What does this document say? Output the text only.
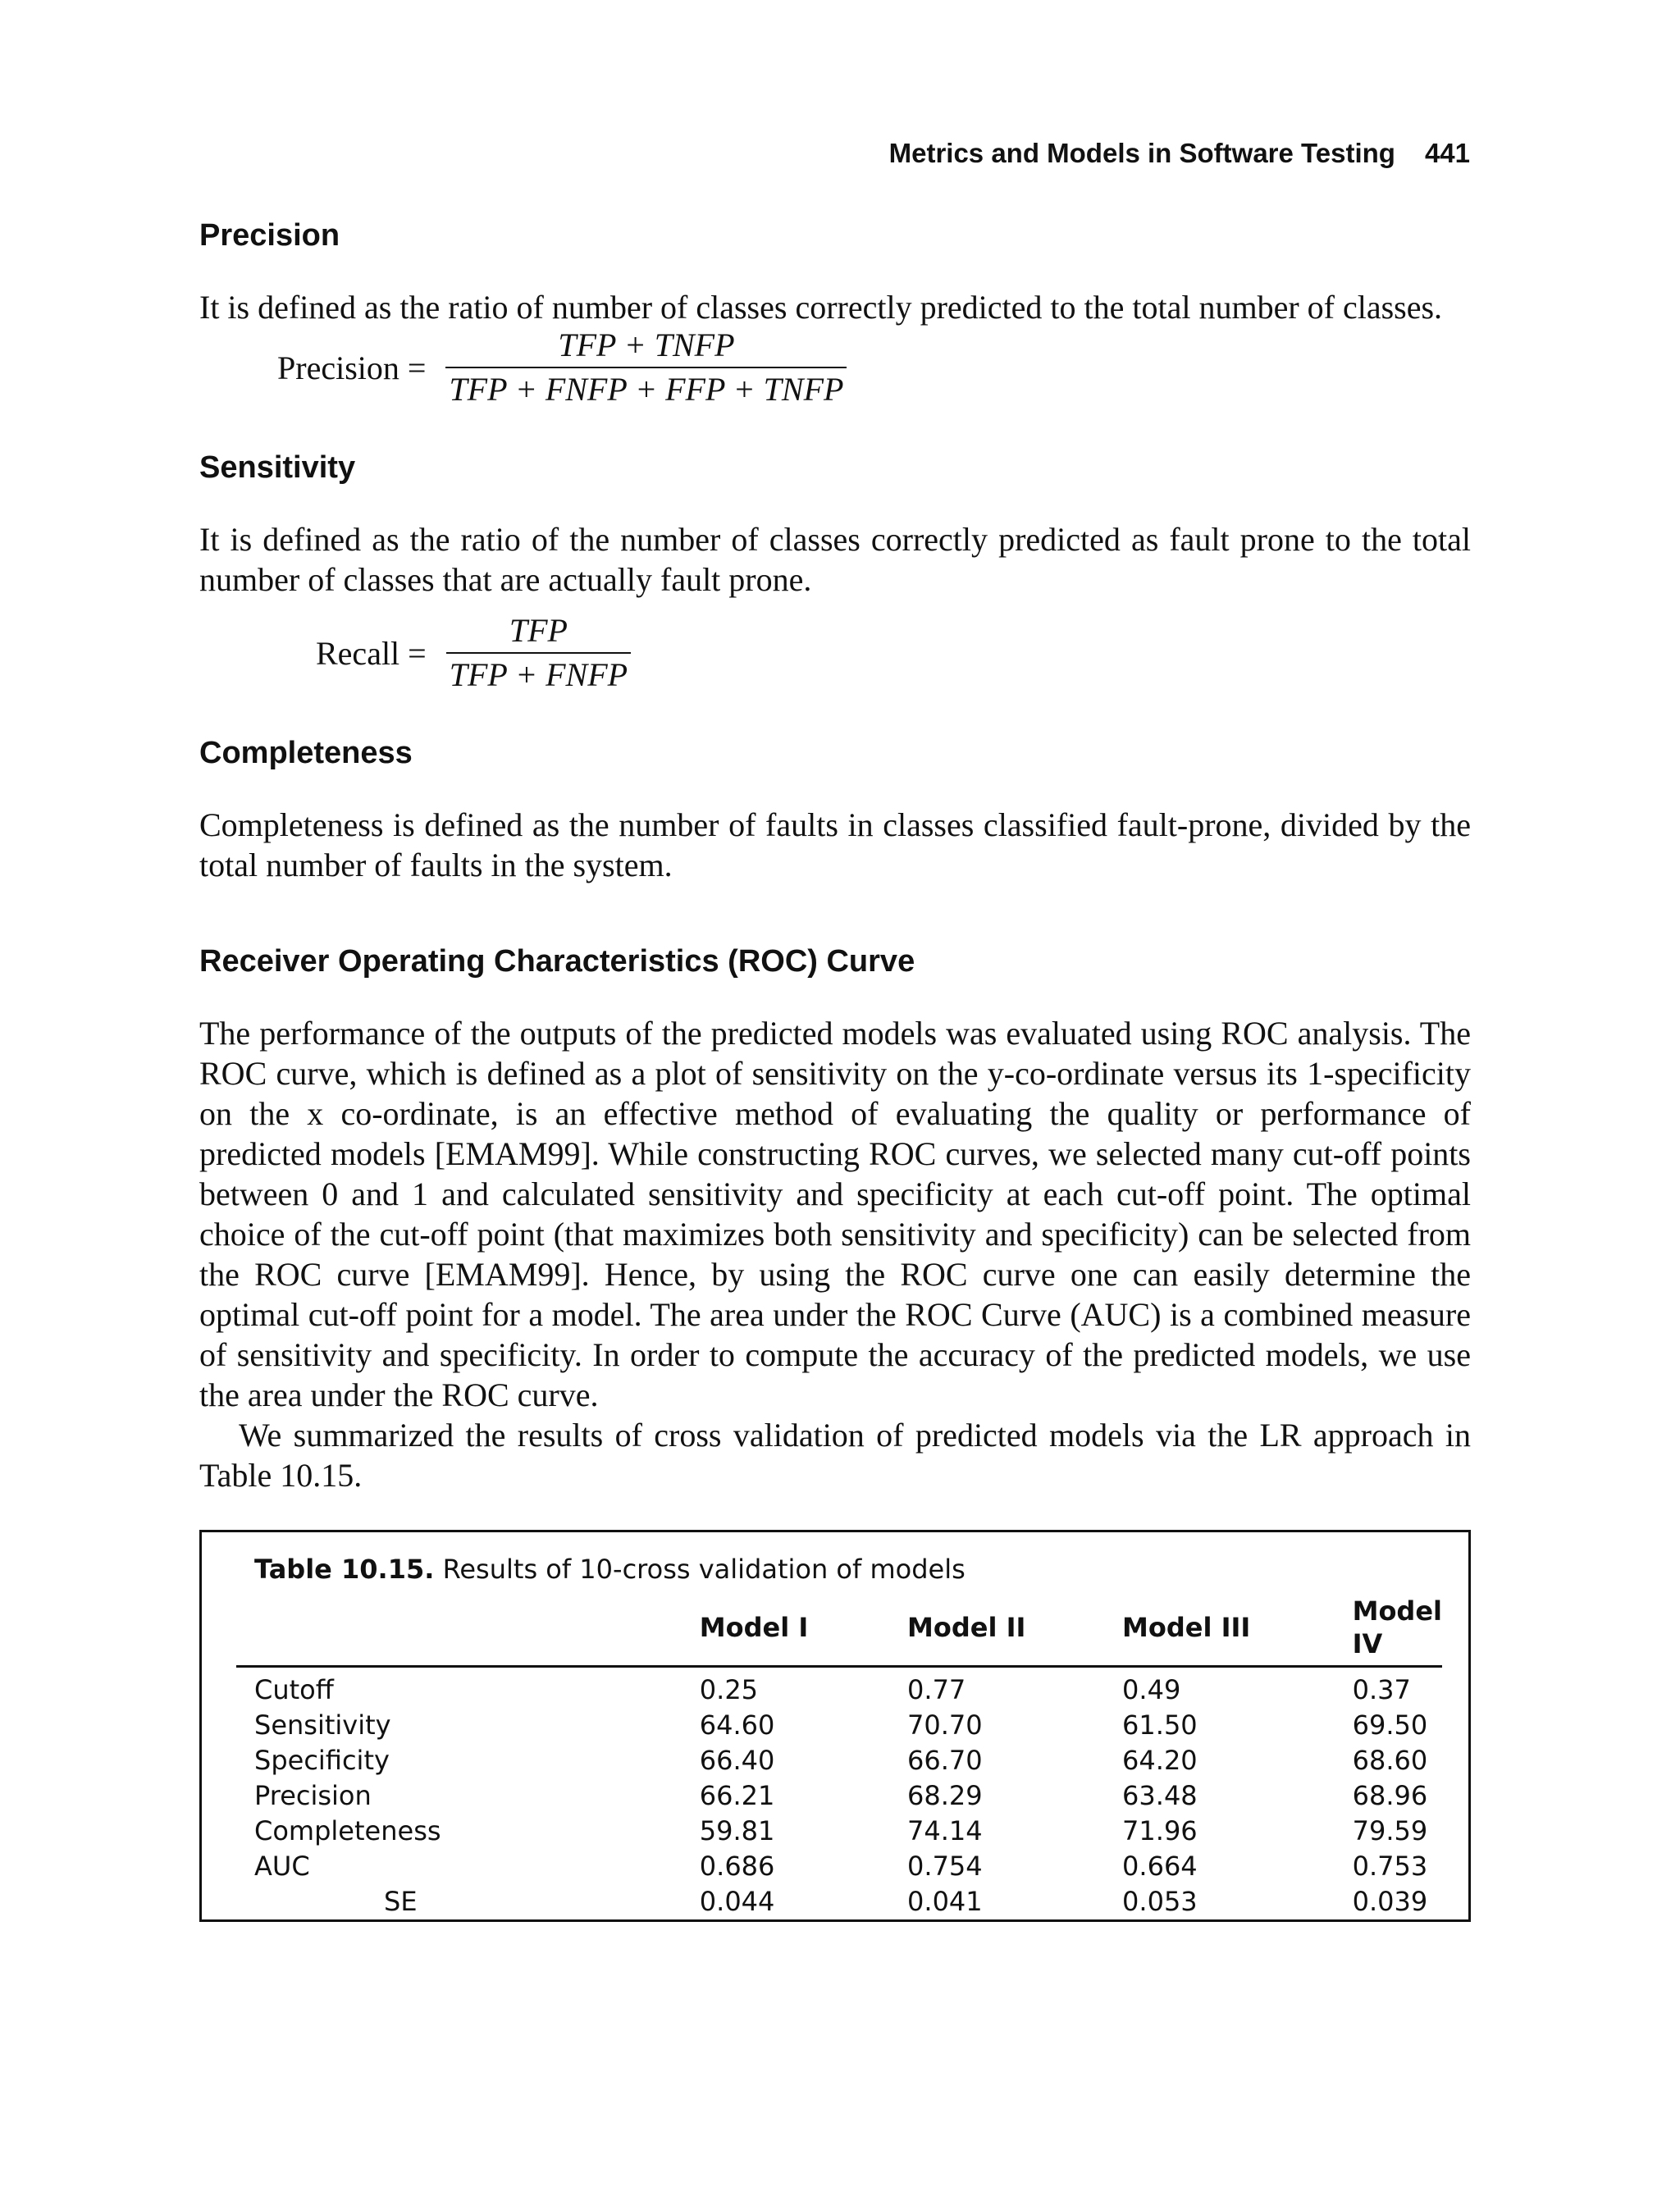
Metrics and Models in Software Testing 441
Precision

It is defined as the ratio of number of classes correctly predicted to the total number of classes.

Precision = $\frac{\text{TFP + TNFP}}{\text{TFP + FNFP + FFP + TNFP}}$
Sensitivity

It is defined as the ratio of the number of classes correctly predicted as fault prone to the total number of classes that are actually fault prone.

Recall = $\frac{\text{TFP}}{\text{TFP + FNFP}}$
Completeness

Completeness is defined as the number of faults in classes classified fault-prone, divided by the total number of faults in the system.

Receiver Operating Characteristics (ROC) Curve

The performance of the outputs of the predicted models was evaluated using ROC analysis. The ROC curve, which is defined as a plot of sensitivity on the y-co-ordinate versus its 1-specificity on the x co-ordinate, is an effective method of evaluating the quality or performance of predicted models [EMAM99]. While constructing ROC curves, we selected many cut-off points between 0 and 1 and calculated sensitivity and specificity at each cut-off point. The optimal choice of the cut-off point (that maximizes both sensitivity and specificity) can be selected from the ROC curve [EMAM99]. Hence, by using the ROC curve one can easily determine the optimal cut-off point for a model. The area under the ROC Curve (AUC) is a combined measure of sensitivity and specificity. In order to compute the accuracy of the predicted models, we use the area under the ROC curve.

We summarized the results of cross validation of predicted models via the LR approach in Table 10.15.

Table 10.15. Results of 10-cross validation of models
	Model I	Model II	Model III	Model IV
Cutoff	0.25	0.77	0.49	0.37
Sensitivity	64.60	70.70	61.50	69.50
Specificity	66.40	66.70	64.20	68.60
Precision	66.21	68.29	63.48	68.96
Completeness	59.81	74.14	71.96	79.59
AUC	0.686	0.754	0.664	0.753
SE	0.044	0.041	0.053	0.039
